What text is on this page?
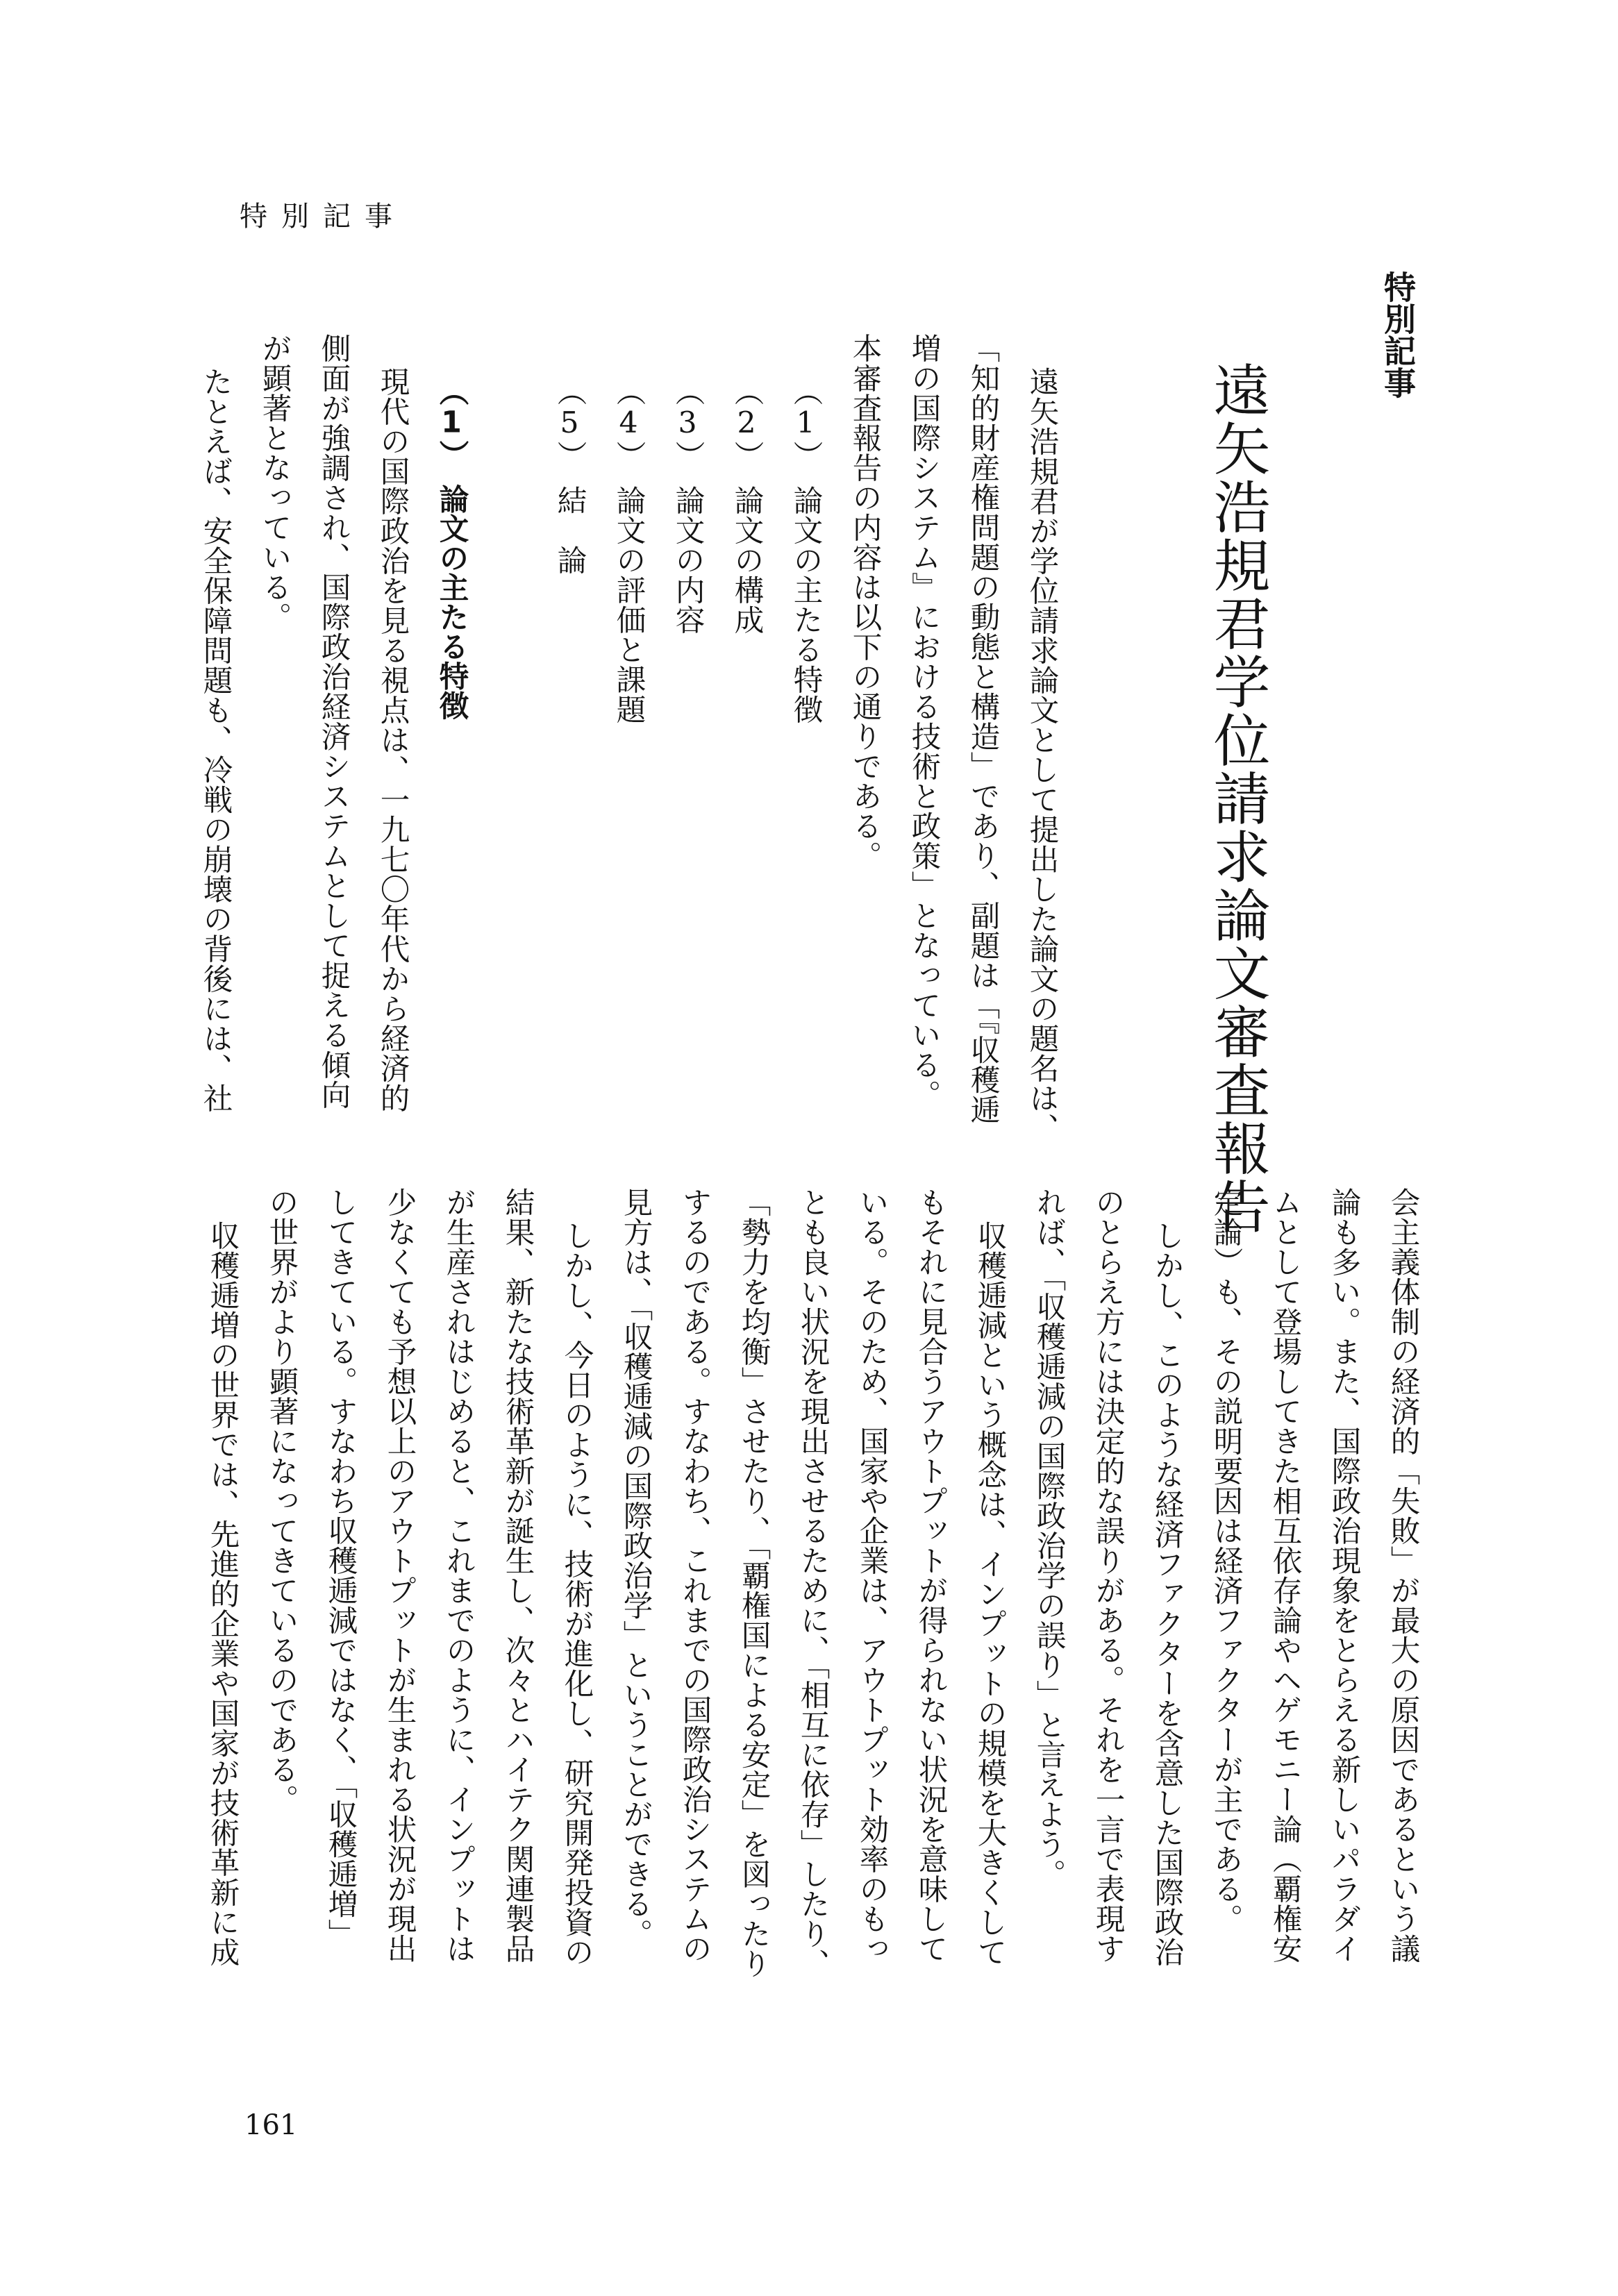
特別記事
特別記事
遠矢浩規君学位請求論文審査報告
遠矢浩規君が学位請求論文として提出した論文の題名は、
「知的財産権問題の動態と構造」であり、副題は「『収穫逓
増の国際システム』における技術と政策」となっている。
本審査報告の内容は以下の通りである。
（1）　論文の主たる特徴
（2）　論文の構成
（3）　論文の内容
（4）　論文の評価と課題
（5）　結　論
（1）　論文の主たる特徴
現代の国際政治を見る視点は、一九七〇年代から経済的
側面が強調され、国際政治経済システムとして捉える傾向
が顕著となっている。
たとえば、安全保障問題も、冷戦の崩壊の背後には、社
会主義体制の経済的「失敗」が最大の原因であるという議
論も多い。また、国際政治現象をとらえる新しいパラダイ
ムとして登場してきた相互依存論やヘゲモニー論（覇権安
定論）も、その説明要因は経済ファクターが主である。
しかし、このような経済ファクターを含意した国際政治
のとらえ方には決定的な誤りがある。それを一言で表現す
れば、「収穫逓減の国際政治学の誤り」と言えよう。
収穫逓減という概念は、インプットの規模を大きくして
もそれに見合うアウトプットが得られない状況を意味して
いる。そのため、国家や企業は、アウトプット効率のもっ
とも良い状況を現出させるために、「相互に依存」したり、
「勢力を均衡」させたり、「覇権国による安定」を図ったり
するのである。すなわち、これまでの国際政治システムの
見方は、「収穫逓減の国際政治学」ということができる。
しかし、今日のように、技術が進化し、研究開発投資の
結果、新たな技術革新が誕生し、次々とハイテク関連製品
が生産されはじめると、これまでのように、インプットは
少なくても予想以上のアウトプットが生まれる状況が現出
してきている。すなわち収穫逓減ではなく、「収穫逓増」
の世界がより顕著になってきているのである。
収穫逓増の世界では、先進的企業や国家が技術革新に成
161
